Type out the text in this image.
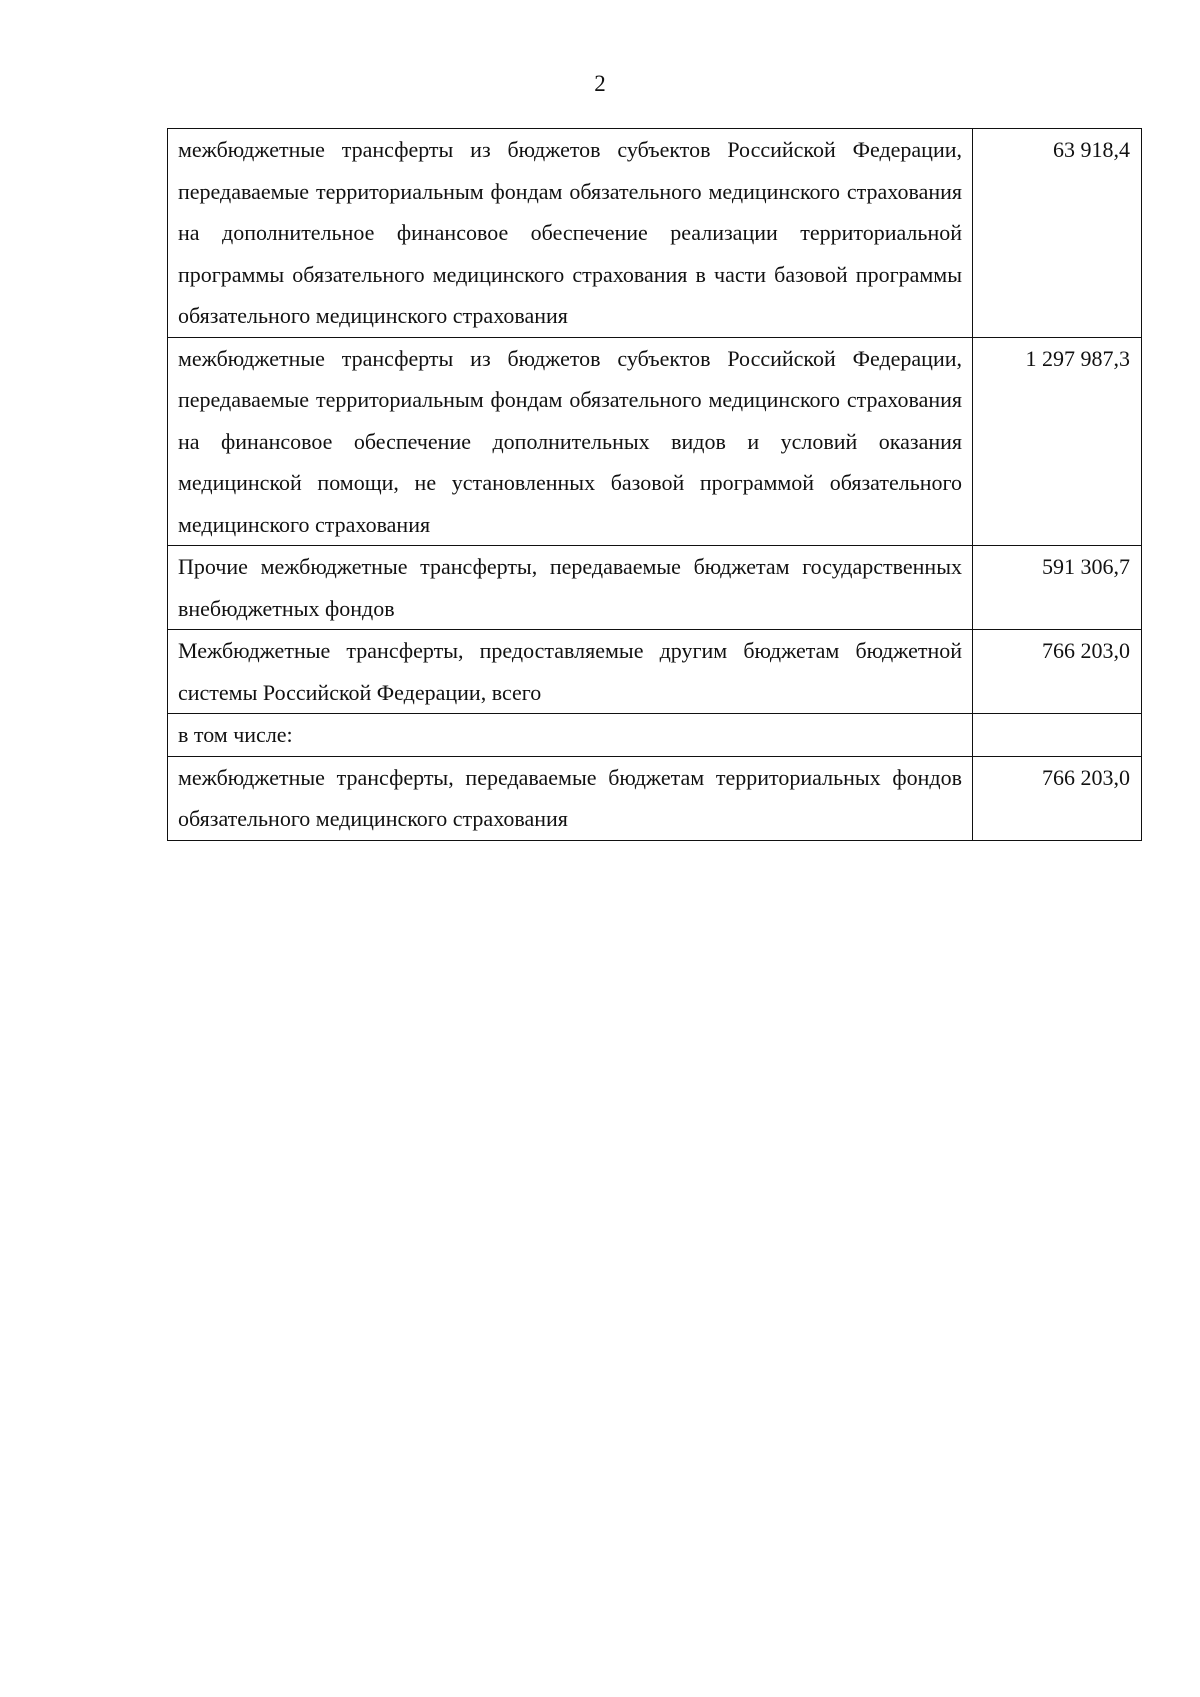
2
межбюджетные трансферты из бюджетов субъектов Российской Федерации, передаваемые территориальным фондам обязательного медицинского страхования на дополнительное финансовое обеспечение реализации территориальной программы обязательного медицинского страхования в части базовой программы обязательного медицинского страхования	63 918,4
межбюджетные трансферты из бюджетов субъектов Российской Федерации, передаваемые территориальным фондам обязательного медицинского страхования на финансовое обеспечение дополнительных видов и условий оказания медицинской помощи, не установленных базовой программой обязательного медицинского страхования	1 297 987,3
Прочие межбюджетные трансферты, передаваемые бюджетам государственных внебюджетных фондов	591 306,7
Межбюджетные трансферты, предоставляемые другим бюджетам бюджетной системы Российской Федерации, всего	766 203,0
в том числе:	
межбюджетные трансферты, передаваемые бюджетам территориальных фондов обязательного медицинского страхования	766 203,0
